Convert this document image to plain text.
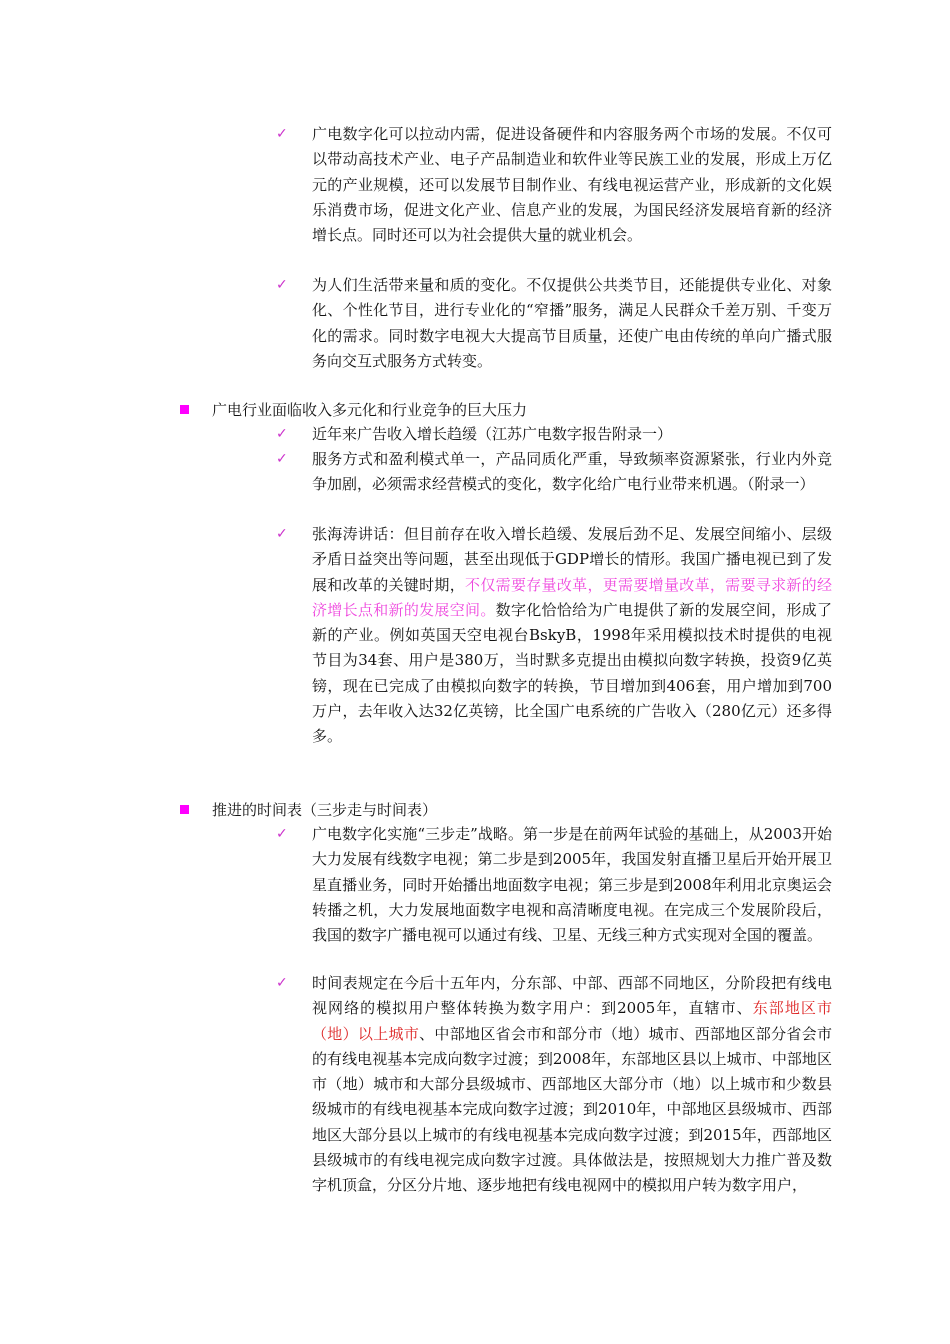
✓	广电数字化可以拉动内需，促进设备硬件和内容服务两个市场的发展。不仅可以带动高技术产业、电子产品制造业和软件业等民族工业的发展，形成上万亿元的产业规模，还可以发展节目制作业、有线电视运营产业，形成新的文化娱乐消费市场，促进文化产业、信息产业的发展，为国民经济发展培育新的经济增长点。同时还可以为社会提供大量的就业机会。
✓	为人们生活带来量和质的变化。不仅提供公共类节目，还能提供专业化、对象化、个性化节目，进行专业化的“窄播”服务，满足人民群众千差万别、千变万化的需求。同时数字电视大大提高节目质量，还使广电由传统的单向广播式服务向交互式服务方式转变。
广电行业面临收入多元化和行业竞争的巨大压力
✓	近年来广告收入增长趋缓（江苏广电数字报告附录一）
✓	服务方式和盈利模式单一，产品同质化严重，导致频率资源紧张，行业内外竞争加剧，必须需求经营模式的变化，数字化给广电行业带来机遇。（附录一）
✓	张海涛讲话：但目前存在收入增长趋缓、发展后劲不足、发展空间缩小、层级矛盾日益突出等问题，甚至出现低于GDP增长的情形。我国广播电视已到了发展和改革的关键时期，不仅需要存量改革，更需要增量改革，需要寻求新的经济增长点和新的发展空间。数字化恰恰给为广电提供了新的发展空间，形成了新的产业。例如英国天空电视台BskyB，1998年采用模拟技术时提供的电视节目为34套、用户是380万，当时默多克提出由模拟向数字转换，投资9亿英镑，现在已完成了由模拟向数字的转换，节目增加到406套，用户增加到700万户，去年收入达32亿英镑，比全国广电系统的广告收入（280亿元）还多得多。
推进的时间表（三步走与时间表）
✓	广电数字化实施“三步走”战略。第一步是在前两年试验的基础上，从2003开始大力发展有线数字电视；第二步是到2005年，我国发射直播卫星后开始开展卫星直播业务，同时开始播出地面数字电视；第三步是到2008年利用北京奥运会转播之机，大力发展地面数字电视和高清晰度电视。在完成三个发展阶段后，我国的数字广播电视可以通过有线、卫星、无线三种方式实现对全国的覆盖。
✓	时间表规定在今后十五年内，分东部、中部、西部不同地区，分阶段把有线电视网络的模拟用户整体转换为数字用户：到2005年，直辖市、东部地区市（地）以上城市、中部地区省会市和部分市（地）城市、西部地区部分省会市的有线电视基本完成向数字过渡；到2008年，东部地区县以上城市、中部地区市（地）城市和大部分县级城市、西部地区大部分市（地）以上城市和少数县级城市的有线电视基本完成向数字过渡；到2010年，中部地区县级城市、西部地区大部分县以上城市的有线电视基本完成向数字过渡；到2015年，西部地区县级城市的有线电视完成向数字过渡。具体做法是，按照规划大力推广普及数字机顶盒，分区分片地、逐步地把有线电视网中的模拟用户转为数字用户，
